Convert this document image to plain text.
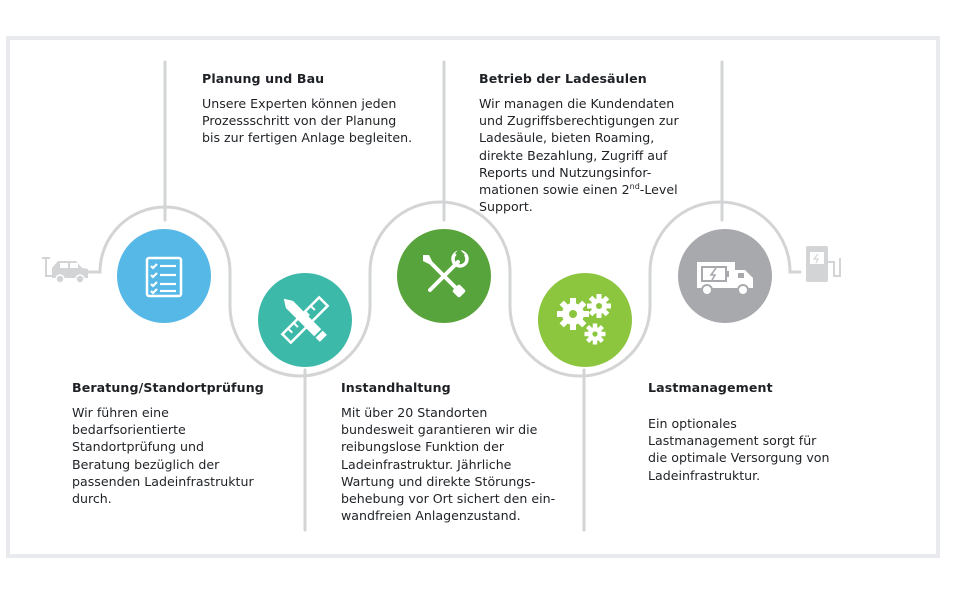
Beratung/Standortprüfung

Wir führen eine
bedarfsorientierte
Standortprüfung und
Beratung bezüglich der
passenden Ladeinfrastruktur
durch.

Planung und Bau

Unsere Experten können jeden
Prozessschritt von der Planung
bis zur fertigen Anlage begleiten.

Instandhaltung

Mit über 20 Standorten
bundesweit garantieren wir die
reibungslose Funktion der
Ladeinfrastruktur. Jährliche
Wartung und direkte Störungs-
behebung vor Ort sichert den ein-
wandfreien Anlagenzustand.

Betrieb der Ladesäulen

Wir managen die Kundendaten
und Zugriffsberechtigungen zur
Ladesäule, bieten Roaming,
direkte Bezahlung, Zugriff auf
Reports und Nutzungsinfor-
mationen sowie einen 2nd-Level
Support.

Lastmanagement

Ein optionales
Lastmanagement sorgt für
die optimale Versorgung von
Ladeinfrastruktur.
